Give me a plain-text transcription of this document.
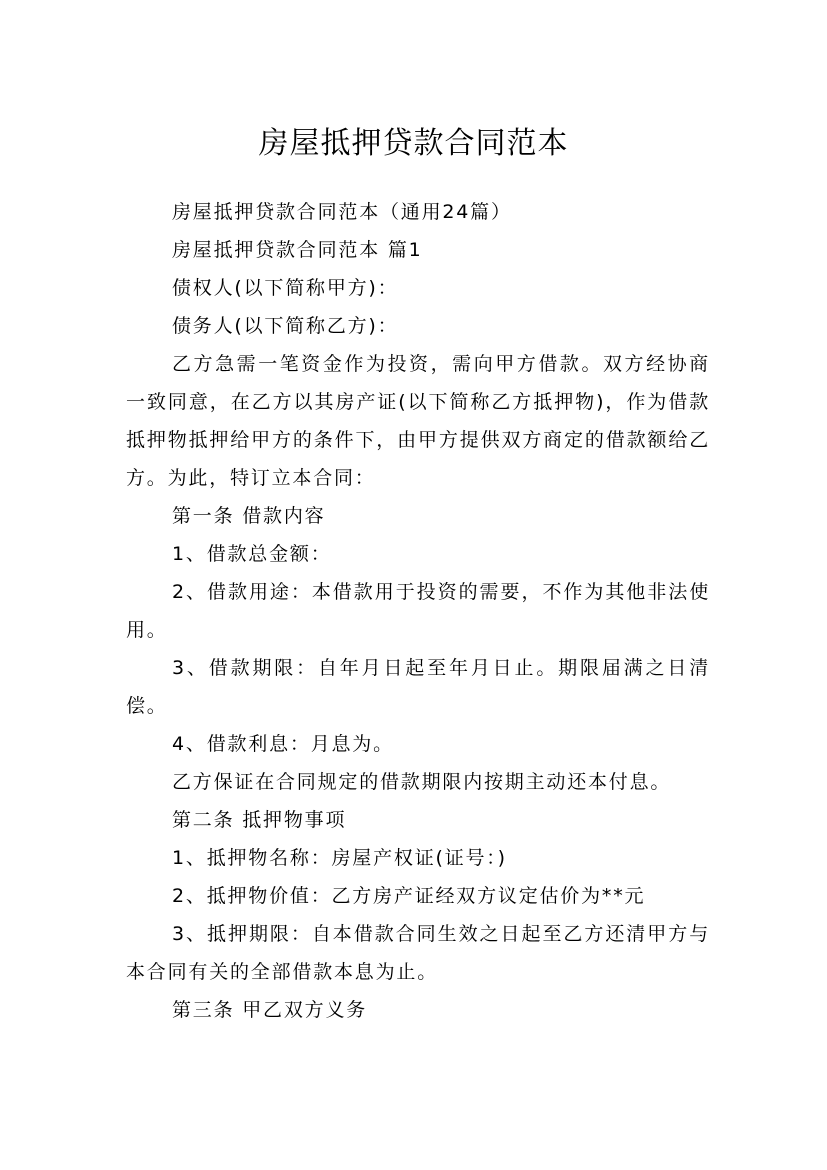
房屋抵押贷款合同范本

房屋抵押贷款合同范本（通用24篇）

房屋抵押贷款合同范本 篇1

债权人(以下简称甲方)：

债务人(以下简称乙方)：

乙方急需一笔资金作为投资，需向甲方借款。双方经协商一致同意，在乙方以其房产证(以下简称乙方抵押物)，作为借款抵押物抵押给甲方的条件下，由甲方提供双方商定的借款额给乙方。为此，特订立本合同：

第一条 借款内容

1、借款总金额：

2、借款用途：本借款用于投资的需要，不作为其他非法使用。

3、借款期限：自年月日起至年月日止。期限届满之日清偿。

4、借款利息：月息为。

乙方保证在合同规定的借款期限内按期主动还本付息。

第二条 抵押物事项

1、抵押物名称：房屋产权证(证号：)

2、抵押物价值：乙方房产证经双方议定估价为**元

3、抵押期限：自本借款合同生效之日起至乙方还清甲方与本合同有关的全部借款本息为止。

第三条 甲乙双方义务
